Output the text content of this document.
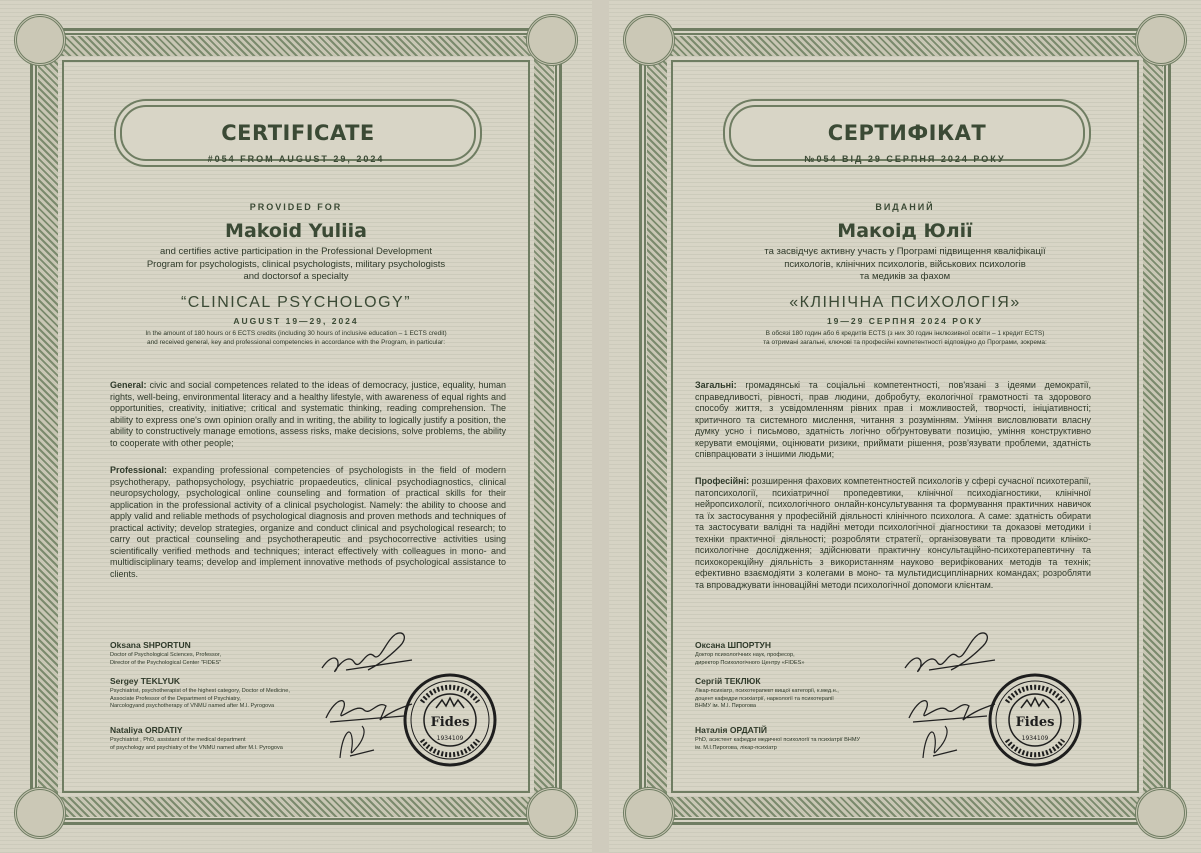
CERTIFICATE
#054 FROM AUGUST 29, 2024
PROVIDED FOR
Makoid Yuliia
and certifies active participation in the Professional Development
Program for psychologists, clinical psychologists, military psychologists
and doctorsof a specialty
“CLINICAL PSYCHOLOGY”
AUGUST 19—29, 2024
In the amount of 180 hours or 6 ECTS credits (including 30 hours of inclusive education – 1 ECTS credit)
and received general, key and professional competencies in accordance with the Program, in particular:
General: civic and social competences related to the ideas of democracy, justice, equality, human rights, well-being, environmental literacy and a healthy lifestyle, with awareness of equal rights and opportunities, creativity, initiative; critical and systematic thinking, reading comprehension. The ability to express one's own opinion orally and in writing, the ability to logically justify a position, the ability to constructively manage emotions, assess risks, make decisions, solve problems, the ability to cooperate with other people;
Professional: expanding professional competencies of psychologists in the field of modern psychotherapy, pathopsychology, psychiatric propaedeutics, clinical psychodiagnostics, clinical neuropsychology, psychological online counseling and formation of practical skills for their application in the professional activity of a clinical psychologist. Namely: the ability to choose and apply valid and reliable methods of psychological diagnosis and proven methods and techniques of practical activity; develop strategies, organize and conduct clinical and psychological research; to carry out practical counseling and psychotherapeutic and psychocorrective activities using scientifically verified methods and techniques; interact effectively with colleagues in mono- and multidisciplinary teams; develop and implement innovative methods of psychological assistance to clients.
Oksana SHPORTUN
Doctor of Psychological Sciences, Professor,
Director of the Psychological Center "FIDES"
Sergey TEKLYUK
Psychiatrist, psychotherapist of the highest category, Doctor of Medicine,
Associate Professor of the Department of Psychiatry,
Narcologyand psychotherapy of VNMU named after M.I. Pyrogova
Nataliya ORDATIY
Psychiatrist , PhD, assistant of the medical department
of psychology and psychiatry of the VNMU named after M.I. Pyrogova
Fides
1934109
СЕРТИФІКАТ
№054 ВІД 29 СЕРПНЯ 2024 РОКУ
ВИДАНИЙ
Макоід Юлії
та засвідчує активну участь у Програмі підвищення кваліфікації
психологів, клінічних психологів, військових психологів
та медиків за фахом
«КЛІНІЧНА ПСИХОЛОГІЯ»
19—29 СЕРПНЯ 2024 РОКУ
В обсязі 180 годин або 6 кредитів ECTS (з них 30 годин інклюзивної освіти – 1 кредит ECTS)
та отримані загальні, ключові та професійні компетентності відповідно до Програми, зокрема:
Загальні: громадянські та соціальні компетентності, пов'язані з ідеями демократії, справедливості, рівності, прав людини, добробуту, екологічної грамотності та здорового способу життя, з усвідомленням рівних прав і можливостей, творчості, ініціативності; критичного та системного мислення, читання з розумінням. Уміння висловлювати власну думку усно і письмово, здатність логічно обґрунтовувати позицію, уміння конструктивно керувати емоціями, оцінювати ризики, приймати рішення, розв'язувати проблеми, здатність співпрацювати з іншими людьми;
Професійні: розширення фахових компетентностей психологів у сфері сучасної психотерапії, патопсихології, психіатричної пропедевтики, клінічної психодіагностики, клінічної нейропсихології, психологічного онлайн-консультування та формування практичних навичок та їх застосування у професійній діяльності клінічного психолога. А саме: здатність обирати та застосувати валідні та надійні методи психологічної діагностики та доказові методики і техніки практичної діяльності; розробляти стратегії, організовувати та проводити клініко-психологічне дослідження; здійснювати практичну консультаційно-психотерапевтичну та психокорекційну діяльність з використанням науково верифікованих методів та технік; ефективно взаємодіяти з колегами в моно- та мультидисциплінарних командах; розробляти та впроваджувати інноваційні методи психологічної допомоги клієнтам.
Оксана ШПОРТУН
Доктор психологічних наук, професор,
директор Психологічного Центру «FIDES»
Сергій ТЕКЛЮК
Лікар-психіатр, психотерапевт вищої категорії, к.мед.н.,
доцент кафедри психіатрії, наркології та психотерапії
ВНМУ ім. М.І. Пирогова
Наталія ОРДАТІЙ
PhD, асистент кафедри медичної психології та психіатрії ВНМУ
ім. М.І.Пирогова, лікар-психіатр
Fides
1934109
